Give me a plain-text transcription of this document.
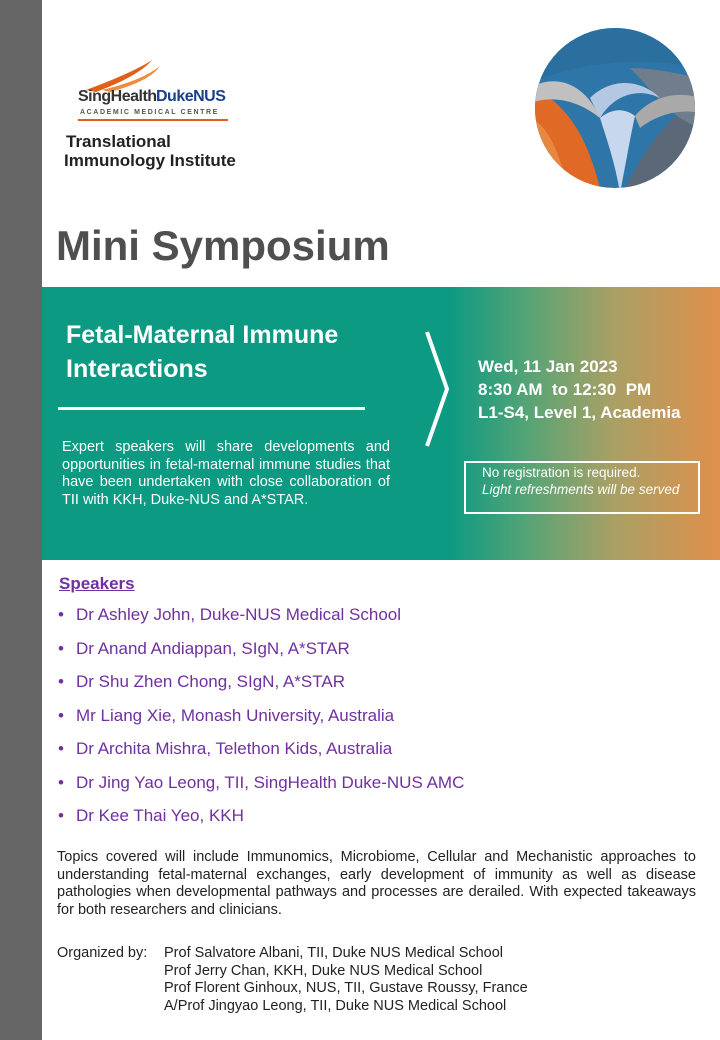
SingHealth DukeNUS
ACADEMIC MEDICAL CENTRE
Translational
Immunology Institute
Mini Symposium
Fetal-Maternal Immune Interactions	Wed, 11 Jan 2023
8:30 AM  to 12:30  PM
L1-S4, Level 1, Academia
Expert speakers will share developments and opportunities in fetal-maternal immune studies that have been undertaken with close collaboration of TII with KKH, Duke-NUS and A*STAR.
No registration is required.
Light refreshments will be served
Speakers
• Dr Ashley John, Duke-NUS Medical School
• Dr Anand Andiappan, SIgN, A*STAR
• Dr Shu Zhen Chong, SIgN, A*STAR
• Mr Liang Xie, Monash University, Australia
• Dr Archita Mishra, Telethon Kids, Australia
• Dr Jing Yao Leong, TII, SingHealth Duke-NUS AMC
• Dr Kee Thai Yeo, KKH
Topics covered will include Immunomics, Microbiome, Cellular and Mechanistic approaches to understanding fetal-maternal exchanges, early development of immunity as well as disease pathologies when developmental pathways and processes are derailed. With expected takeaways for both researchers and clinicians.
Organized by: Prof Salvatore Albani, TII, Duke NUS Medical School
Prof Jerry Chan, KKH, Duke NUS Medical School
Prof Florent Ginhoux, NUS, TII, Gustave Roussy, France
A/Prof Jingyao Leong, TII, Duke NUS Medical School
